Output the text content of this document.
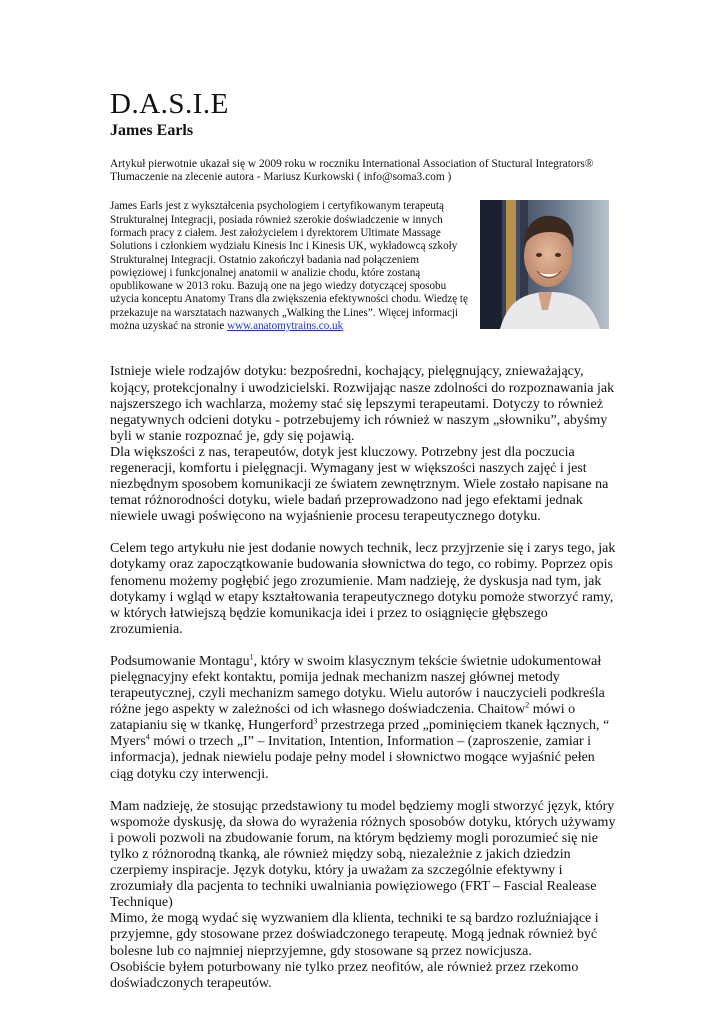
D.A.S.I.E
James Earls
Artykuł pierwotnie ukazał się w 2009 roku w roczniku International Association of Stuctural Integrators®
Tłumaczenie na zlecenie autora - Mariusz Kurkowski ( info@soma3.com )
James Earls jest z wykształcenia psychologiem i certyfikowanym terapeutą Strukturalnej Integracji, posiada również szerokie doświadczenie w innych formach pracy z ciałem. Jest założycielem i dyrektorem Ultimate Massage Solutions i członkiem wydziału Kinesis Inc i Kinesis UK, wykładowcą szkoły Strukturalnej Integracji. Ostatnio zakończył badania nad połączeniem powięziowej i funkcjonalnej anatomii w analizie chodu, które zostaną opublikowane w 2013 roku. Bazują one na jego wiedzy dotyczącej sposobu użycia konceptu Anatomy Trans dla zwiększenia efektywności chodu. Wiedzę tę przekazuje na warsztatach nazwanych „Walking the Lines”. Więcej informacji można uzyskać na stronie www.anatomytrains.co.uk

Istnieje wiele rodzajów dotyku: bezpośredni, kochający, pielęgnujący, znieważający, kojący, protekcjonalny i uwodzicielski. Rozwijając nasze zdolności do rozpoznawania jak najszerszego ich wachlarza, możemy stać się lepszymi terapeutami. Dotyczy to również negatywnych odcieni dotyku - potrzebujemy ich również w naszym „słowniku”, abyśmy byli w stanie rozpoznać je, gdy się pojawią.

Dla większości z nas, terapeutów, dotyk jest kluczowy. Potrzebny jest dla poczucia regeneracji, komfortu i pielęgnacji. Wymagany jest w większości naszych zajęć i jest niezbędnym sposobem komunikacji ze światem zewnętrznym. Wiele zostało napisane na temat różnorodności dotyku, wiele badań przeprowadzono nad jego efektami jednak niewiele uwagi poświęcono na wyjaśnienie procesu terapeutycznego dotyku.

Celem tego artykułu nie jest dodanie nowych technik, lecz przyjrzenie się i zarys tego, jak dotykamy oraz zapoczątkowanie budowania słownictwa do tego, co robimy. Poprzez opis fenomenu możemy pogłębić jego zrozumienie. Mam nadzieję, że dyskusja nad tym, jak dotykamy i wgląd w etapy kształtowania terapeutycznego dotyku pomoże stworzyć ramy, w których łatwiejszą będzie komunikacja idei i przez to osiągnięcie głębszego zrozumienia.

Podsumowanie Montagu$^1$, który w swoim klasycznym tekście świetnie udokumentował pielęgnacyjny efekt kontaktu, pomija jednak mechanizm naszej głównej metody terapeutycznej, czyli mechanizm samego dotyku. Wielu autorów i nauczycieli podkreśla różne jego aspekty w zależności od ich własnego doświadczenia. Chaitow$^2$ mówi o zatapianiu się w tkankę, Hungerford$^3$ przestrzega przed „pominięciem tkanek łącznych, “ Myers$^4$ mówi o trzech „I” – Invitation, Intention, Information – (zaproszenie, zamiar i informacja), jednak niewielu podaje pełny model i słownictwo mogące wyjaśnić pełen ciąg dotyku czy interwencji.

Mam nadzieję, że stosując przedstawiony tu model będziemy mogli stworzyć język, który wspomoże dyskusję, da słowa do wyrażenia różnych sposobów dotyku, których używamy i powoli pozwoli na zbudowanie forum, na którym będziemy mogli porozumieć się nie tylko z różnorodną tkanką, ale również między sobą, niezależnie z jakich dziedzin czerpiemy inspiracje. Język dotyku, który ja uważam za szczególnie efektywny i zrozumiały dla pacjenta to techniki uwalniania powięziowego (FRT – Fascial Realease Technique)

Mimo, że mogą wydać się wyzwaniem dla klienta, techniki te są bardzo rozluźniające i przyjemne, gdy stosowane przez doświadczonego terapeutę. Mogą jednak również być bolesne lub co najmniej nieprzyjemne, gdy stosowane są przez nowicjusza.

Osobiście byłem poturbowany nie tylko przez neofitów, ale również przez rzekomo doświadczonych terapeutów.
